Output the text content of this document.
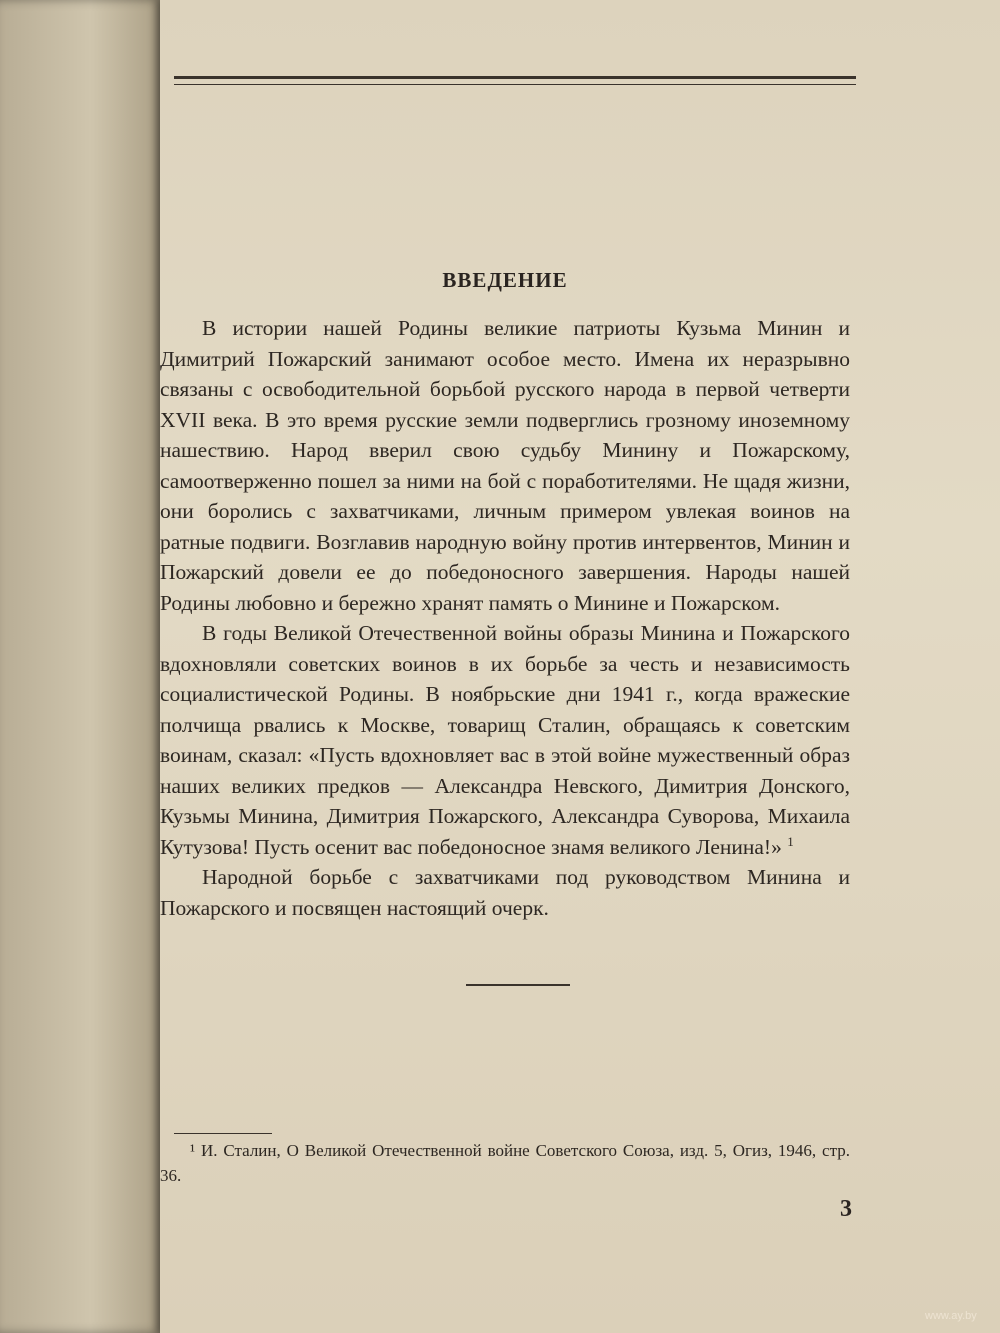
ВВЕДЕНИЕ

В истории нашей Родины великие патриоты Кузьма Минин и Димитрий Пожарский занимают особое место. Имена их неразрывно связаны с освободительной борьбой русского народа в первой четверти XVII века. В это время русские земли подверглись грозному иноземному нашествию. Народ вверил свою судьбу Минину и Пожарскому, самоотверженно пошел за ними на бой с поработителями. Не щадя жизни, они боролись с захватчиками, личным примером увлекая воинов на ратные подвиги. Возглавив народную войну против интервентов, Минин и Пожарский довели ее до победоносного завершения. Народы нашей Родины любовно и бережно хранят память о Минине и Пожарском.

В годы Великой Отечественной войны образы Минина и Пожарского вдохновляли советских воинов в их борьбе за честь и независимость социалистической Родины. В ноябрьские дни 1941 г., когда вражеские полчища рвались к Москве, товарищ Сталин, обращаясь к советским воинам, сказал: «Пусть вдохновляет вас в этой войне мужественный образ наших великих предков — Александра Невского, Димитрия Донского, Кузьмы Минина, Димитрия Пожарского, Александра Суворова, Михаила Кутузова! Пусть осенит вас победоносное знамя великого Ленина!» $^1$

Народной борьбе с захватчиками под руководством Минина и Пожарского и посвящен настоящий очерк.

¹ И. Сталин, О Великой Отечественной войне Советского Союза, изд. 5, Огиз, 1946, стр. 36.
3
www.ay.by
